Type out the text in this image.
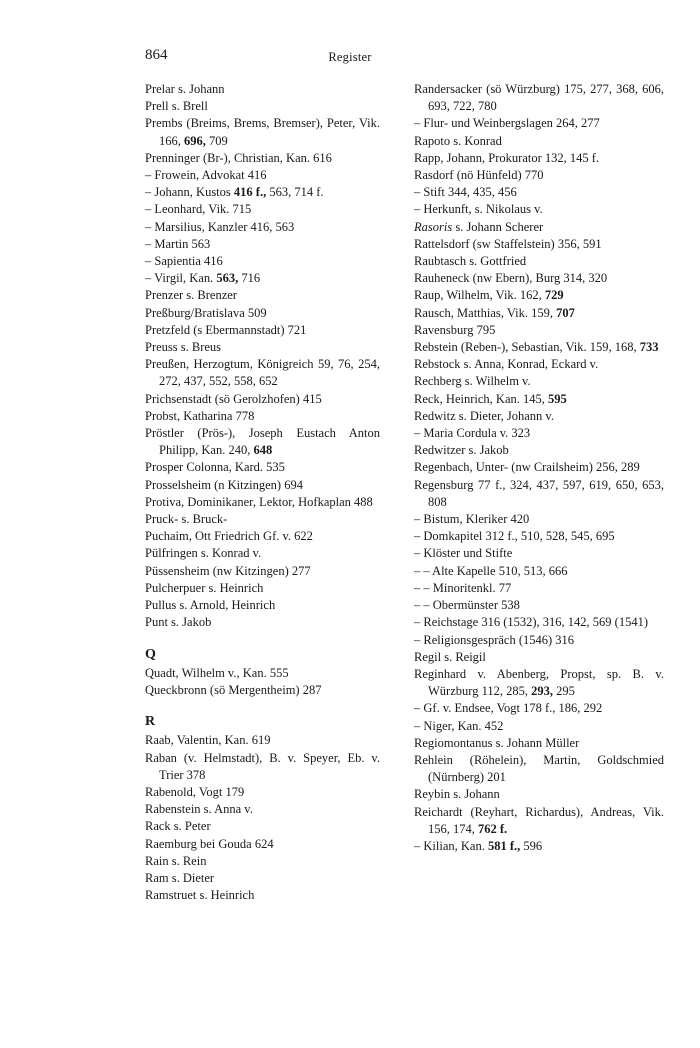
864	Register
Prelar s. Johann
Prell s. Brell
Prembs (Breims, Brems, Bremser), Peter, Vik. 166, 696, 709
Prenninger (Br-), Christian, Kan. 616
– Frowein, Advokat 416
– Johann, Kustos 416 f., 563, 714 f.
– Leonhard, Vik. 715
– Marsilius, Kanzler 416, 563
– Martin 563
– Sapientia 416
– Virgil, Kan. 563, 716
Prenzer s. Brenzer
Preßburg/Bratislava 509
Pretzfeld (s Ebermannstadt) 721
Preuss s. Breus
Preußen, Herzogtum, Königreich 59, 76, 254, 272, 437, 552, 558, 652
Prichsenstadt (sö Gerolzhofen) 415
Probst, Katharina 778
Pröstler (Prös-), Joseph Eustach Anton Philipp, Kan. 240, 648
Prosper Colonna, Kard. 535
Prosselsheim (n Kitzingen) 694
Protiva, Dominikaner, Lektor, Hofkaplan 488
Pruck- s. Bruck-
Puchaim, Ott Friedrich Gf. v. 622
Pülfringen s. Konrad v.
Püssensheim (nw Kitzingen) 277
Pulcherpuer s. Heinrich
Pullus s. Arnold, Heinrich
Punt s. Jakob
Q
Quadt, Wilhelm v., Kan. 555
Queckbronn (sö Mergentheim) 287
R
Raab, Valentin, Kan. 619
Raban (v. Helmstadt), B. v. Speyer, Eb. v. Trier 378
Rabenold, Vogt 179
Rabenstein s. Anna v.
Rack s. Peter
Raemburg bei Gouda 624
Rain s. Rein
Ram s. Dieter
Ramstruet s. Heinrich
Randersacker (sö Würzburg) 175, 277, 368, 606, 693, 722, 780
– Flur- und Weinbergslagen 264, 277
Rapoto s. Konrad
Rapp, Johann, Prokurator 132, 145 f.
Rasdorf (nö Hünfeld) 770
– Stift 344, 435, 456
– Herkunft, s. Nikolaus v.
Rasoris s. Johann Scherer
Rattelsdorf (sw Staffelstein) 356, 591
Raubtasch s. Gottfried
Rauheneck (nw Ebern), Burg 314, 320
Raup, Wilhelm, Vik. 162, 729
Rausch, Matthias, Vik. 159, 707
Ravensburg 795
Rebstein (Reben-), Sebastian, Vik. 159, 168, 733
Rebstock s. Anna, Konrad, Eckard v.
Rechberg s. Wilhelm v.
Reck, Heinrich, Kan. 145, 595
Redwitz s. Dieter, Johann v.
– Maria Cordula v. 323
Redwitzer s. Jakob
Regenbach, Unter- (nw Crailsheim) 256, 289
Regensburg 77 f., 324, 437, 597, 619, 650, 653, 808
– Bistum, Kleriker 420
– Domkapitel 312 f., 510, 528, 545, 695
– Klöster und Stifte
– – Alte Kapelle 510, 513, 666
– – Minoritenkl. 77
– – Obermünster 538
– Reichstage 316 (1532), 316, 142, 569 (1541)
– Religionsgespräch (1546) 316
Regil s. Reigil
Reginhard v. Abenberg, Propst, sp. B. v. Würzburg 112, 285, 293, 295
– Gf. v. Endsee, Vogt 178 f., 186, 292
– Niger, Kan. 452
Regiomontanus s. Johann Müller
Rehlein (Röhelein), Martin, Goldschmied (Nürnberg) 201
Reybin s. Johann
Reichardt (Reyhart, Richardus), Andreas, Vik. 156, 174, 762 f.
– Kilian, Kan. 581 f., 596
